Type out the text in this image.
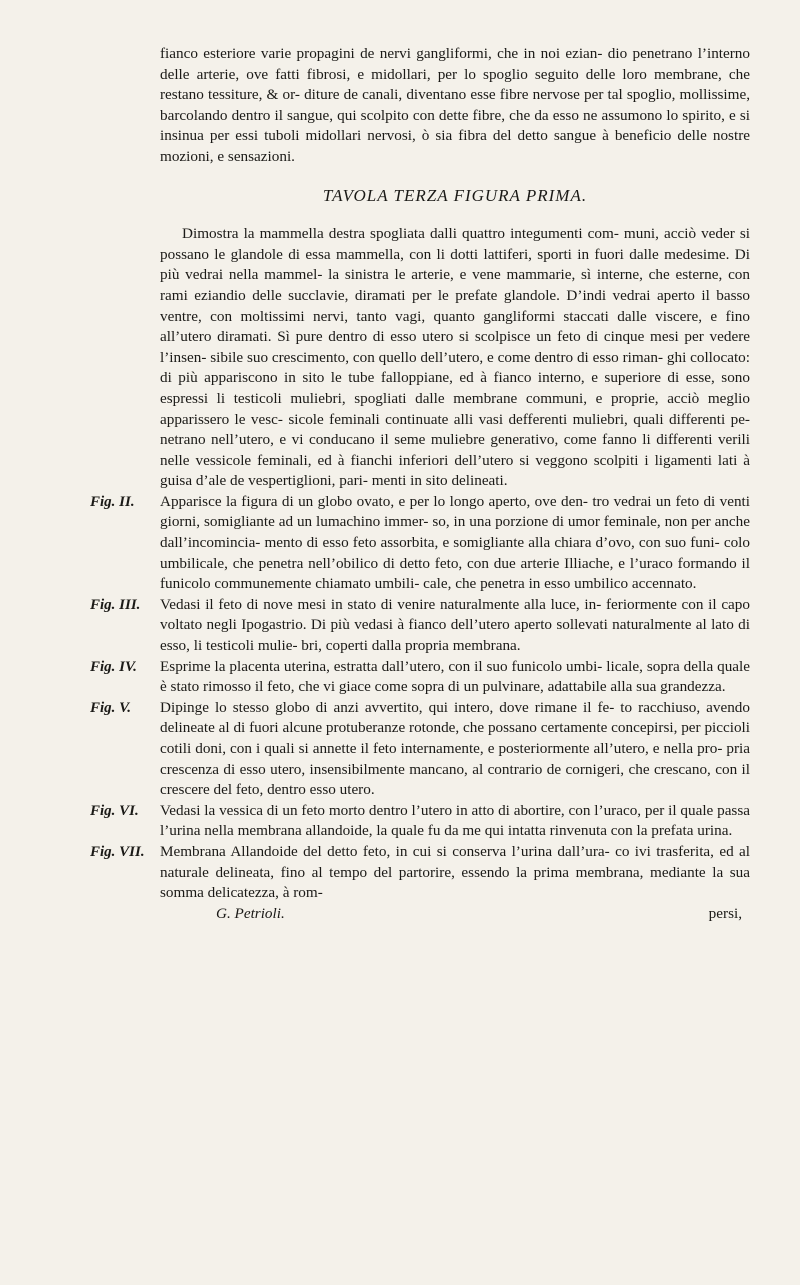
fianco esteriore varie propagini de nervi gangliformi, che in noi ezian- dio penetrano l’interno delle arterie, ove fatti fibrosi, e midollari, per lo spoglio seguito delle loro membrane, che restano tessiture, & or- diture de canali, diventano esse fibre nervose per tal spoglio, mollissime, barcolando dentro il sangue, qui scolpito con dette fibre, che da esso ne assumono lo spirito, e si insinua per essi tuboli midollari nervosi, ò sia fibra del detto sangue à beneficio delle nostre mozioni, e sensazioni.

TAVOLA TERZA FIGURA PRIMA.

Dimostra la mammella destra spogliata dalli quattro integumenti com- muni, acciò veder si possano le glandole di essa mammella, con li dotti lattiferi, sporti in fuori dalle medesime. Di più vedrai nella mammel- la sinistra le arterie, e vene mammarie, sì interne, che esterne, con rami eziandio delle succlavie, diramati per le prefate glandole. D’indi vedrai aperto il basso ventre, con moltissimi nervi, tanto vagi, quanto gangliformi staccati dalle viscere, e fino all’utero diramati. Sì pure dentro di esso utero si scolpisce un feto di cinque mesi per vedere l’insen- sibile suo crescimento, con quello dell’utero, e come dentro di esso riman- ghi collocato: di più apparisconо in sito le tube falloppiane, ed à fianco interno, e superiore di esse, sono espressi li testicoli muliebri, spogliati dalle membrane communi, e proprie, acciò meglio apparissero le vesc- sicole feminali continuate alli vasi defferenti muliebri, quali differenti pe- netrano nell’utero, e vi conducano il seme muliebre generativo, come fanno li differenti verili nelle vessicole feminali, ed à fianchi inferiori dell’utero si veggono scolpiti i ligamenti lati à guisa d’ale de vespertiglioni, pari- menti in sito delineati.

Fig. II. Apparisce la figura di un globo ovato, e per lo longo aperto, ove den- tro vedrai un feto di venti giorni, somigliante ad un lumachino immer- so, in una porzione di umor feminale, non per anche dall’incomincia- mento di esso feto assorbita, e somigliante alla chiara d’ovo, con suo funi- colo umbilicale, che penetra nell’obilico di detto feto, con due arterie Illiache, e l’uraco formando il funicolo communemente chiamato umbili- cale, che penetra in esso umbilico accennato.

Fig. III. Vedasi il feto di nove mesi in stato di venire naturalmente alla luce, in- feriormente con il capo voltato negli Ipogastrio. Di più vedasi à fianco dell’utero aperto sollevati naturalmente al lato di esso, li testicoli mulie- bri, coperti dalla propria membrana.

Fig. IV. Esprime la placenta uterina, estratta dall’utero, con il suo funicolo umbi- licale, sopra della quale è stato rimosso il feto, che vi giace come sopra di un pulvinare, adattabile alla sua grandezza.

Fig. V. Dipinge lo stesso globo di anzi avvertito, qui intero, dove rimane il fe- to racchiuso, avendo delineate al di fuori alcune protuberanze rotonde, che possano certamente concepirsi, per piccioli cotili doni, con i quali si annette il feto internamente, e posteriormente all’utero, e nella pro- pria crescenza di esso utero, insensibilmente mancano, al contrario de cornigeri, che crescano, con il crescere del feto, dentro esso utero.

Fig. VI. Vedasi la vessica di un feto morto dentro l’utero in atto di abortire, con l’uraco, per il quale passa l’urina nella membrana allandoide, la quale fu da me qui intatta rinvenuta con la prefata urina.

Fig. VII. Membrana Allandoide del detto feto, in cui si conserva l’urina dall’ura- co ivi trasferita, ed al naturale delineata, fino al tempo del partorire, essendo la prima membrana, mediante la sua somma delicatezza, à rom-

G. Petrioli.	persi,
